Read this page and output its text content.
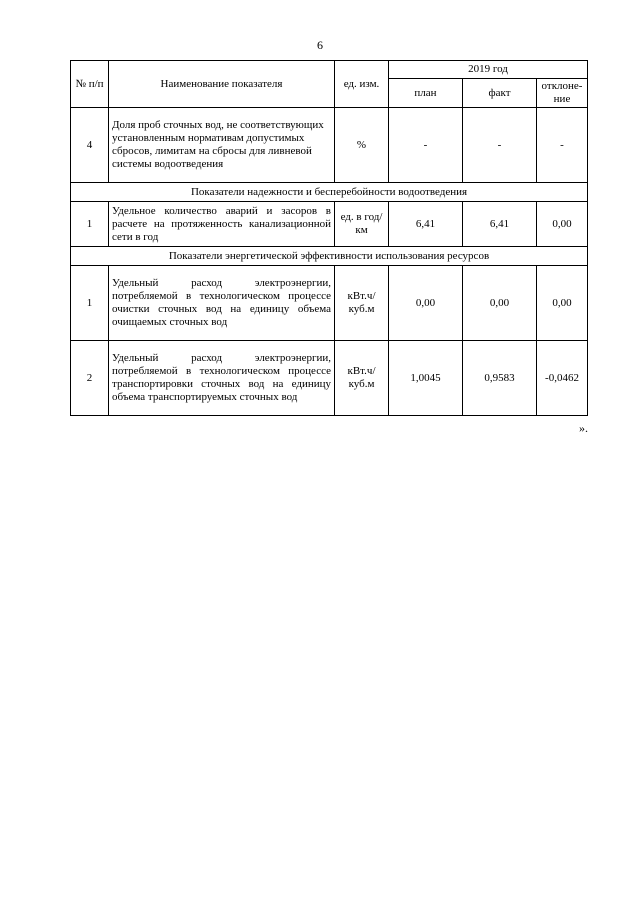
6
№ п/п	Наименование показателя	ед. изм.	2019 год		
			план	факт	отклоне-ние
4	Доля проб сточных вод, не соответствующих установленным нормативам допустимых сбросов, лимитам на сбросы для ливневой системы водоотведения	%	-	-	-
Показатели надежности и бесперебойности водоотведения					
1	Удельное количество аварий и засоров в расчете на протяженность канализационной сети в год	ед. в год/ км	6,41	6,41	0,00
Показатели энергетической эффективности использования ресурсов					
1	Удельный расход электроэнергии, потребляемой в технологическом процессе очистки сточных вод на единицу объема очищаемых сточных вод	кВт.ч/ куб.м	0,00	0,00	0,00
2	Удельный расход электроэнергии, потребляемой в технологическом процессе транспортировки сточных вод на единицу объема транспортируемых сточных вод	кВт.ч/ куб.м	1,0045	0,9583	-0,0462
».
